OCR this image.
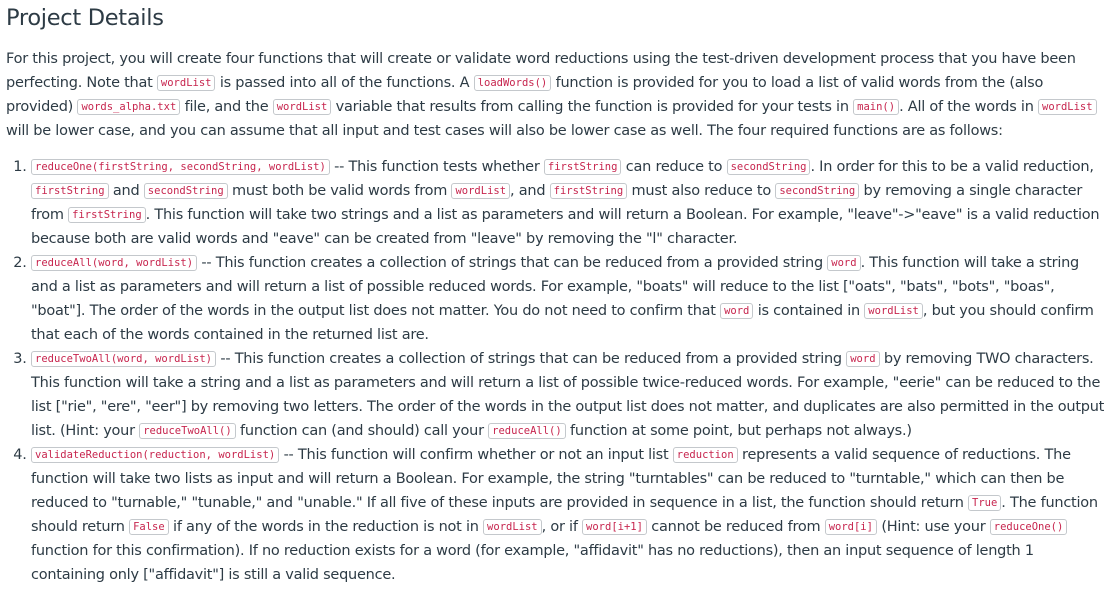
Project Details

For this project, you will create four functions that will create or validate word reductions using the test-driven development process that you have been perfecting. Note that wordList is passed into all of the functions. A loadWords() function is provided for you to load a list of valid words from the (also provided) words_alpha.txt file, and the wordList variable that results from calling the function is provided for your tests in main() . All of the words in wordList will be lower case, and you can assume that all input and test cases will also be lower case as well. The four required functions are as follows:

1. reduceOne(firstString, secondString, wordList) -- This function tests whether firstString can reduce to secondString . In order for this to be a valid reduction, firstString and secondString must both be valid words from wordList , and firstString must also reduce to secondString by removing a single character from firstString . This function will take two strings and a list as parameters and will return a Boolean. For example, "leave"->"eave" is a valid reduction because both are valid words and "eave" can be created from "leave" by removing the "l" character.
2. reduceAll(word, wordList) -- This function creates a collection of strings that can be reduced from a provided string word . This function will take a string and a list as parameters and will return a list of possible reduced words. For example, "boats" will reduce to the list ["oats", "bats", "bots", "boas", "boat"]. The order of the words in the output list does not matter. You do not need to confirm that word is contained in wordList , but you should confirm that each of the words contained in the returned list are.
3. reduceTwoAll(word, wordList) -- This function creates a collection of strings that can be reduced from a provided string word by removing TWO characters. This function will take a string and a list as parameters and will return a list of possible twice-reduced words. For example, "eerie" can be reduced to the list ["rie", "ere", "eer"] by removing two letters. The order of the words in the output list does not matter, and duplicates are also permitted in the output list. (Hint: your reduceTwoAll() function can (and should) call your reduceAll() function at some point, but perhaps not always.)
4. validateReduction(reduction, wordList) -- This function will confirm whether or not an input list reduction represents a valid sequence of reductions. The function will take two lists as input and will return a Boolean. For example, the string "turntables" can be reduced to "turntable," which can then be reduced to "turnable," "tunable," and "unable." If all five of these inputs are provided in sequence in a list, the function should return True . The function should return False if any of the words in the reduction is not in wordList , or if word[i+1] cannot be reduced from word[i] (Hint: use your reduceOne() function for this confirmation). If no reduction exists for a word (for example, "affidavit" has no reductions), then an input sequence of length 1 containing only ["affidavit"] is still a valid sequence.
